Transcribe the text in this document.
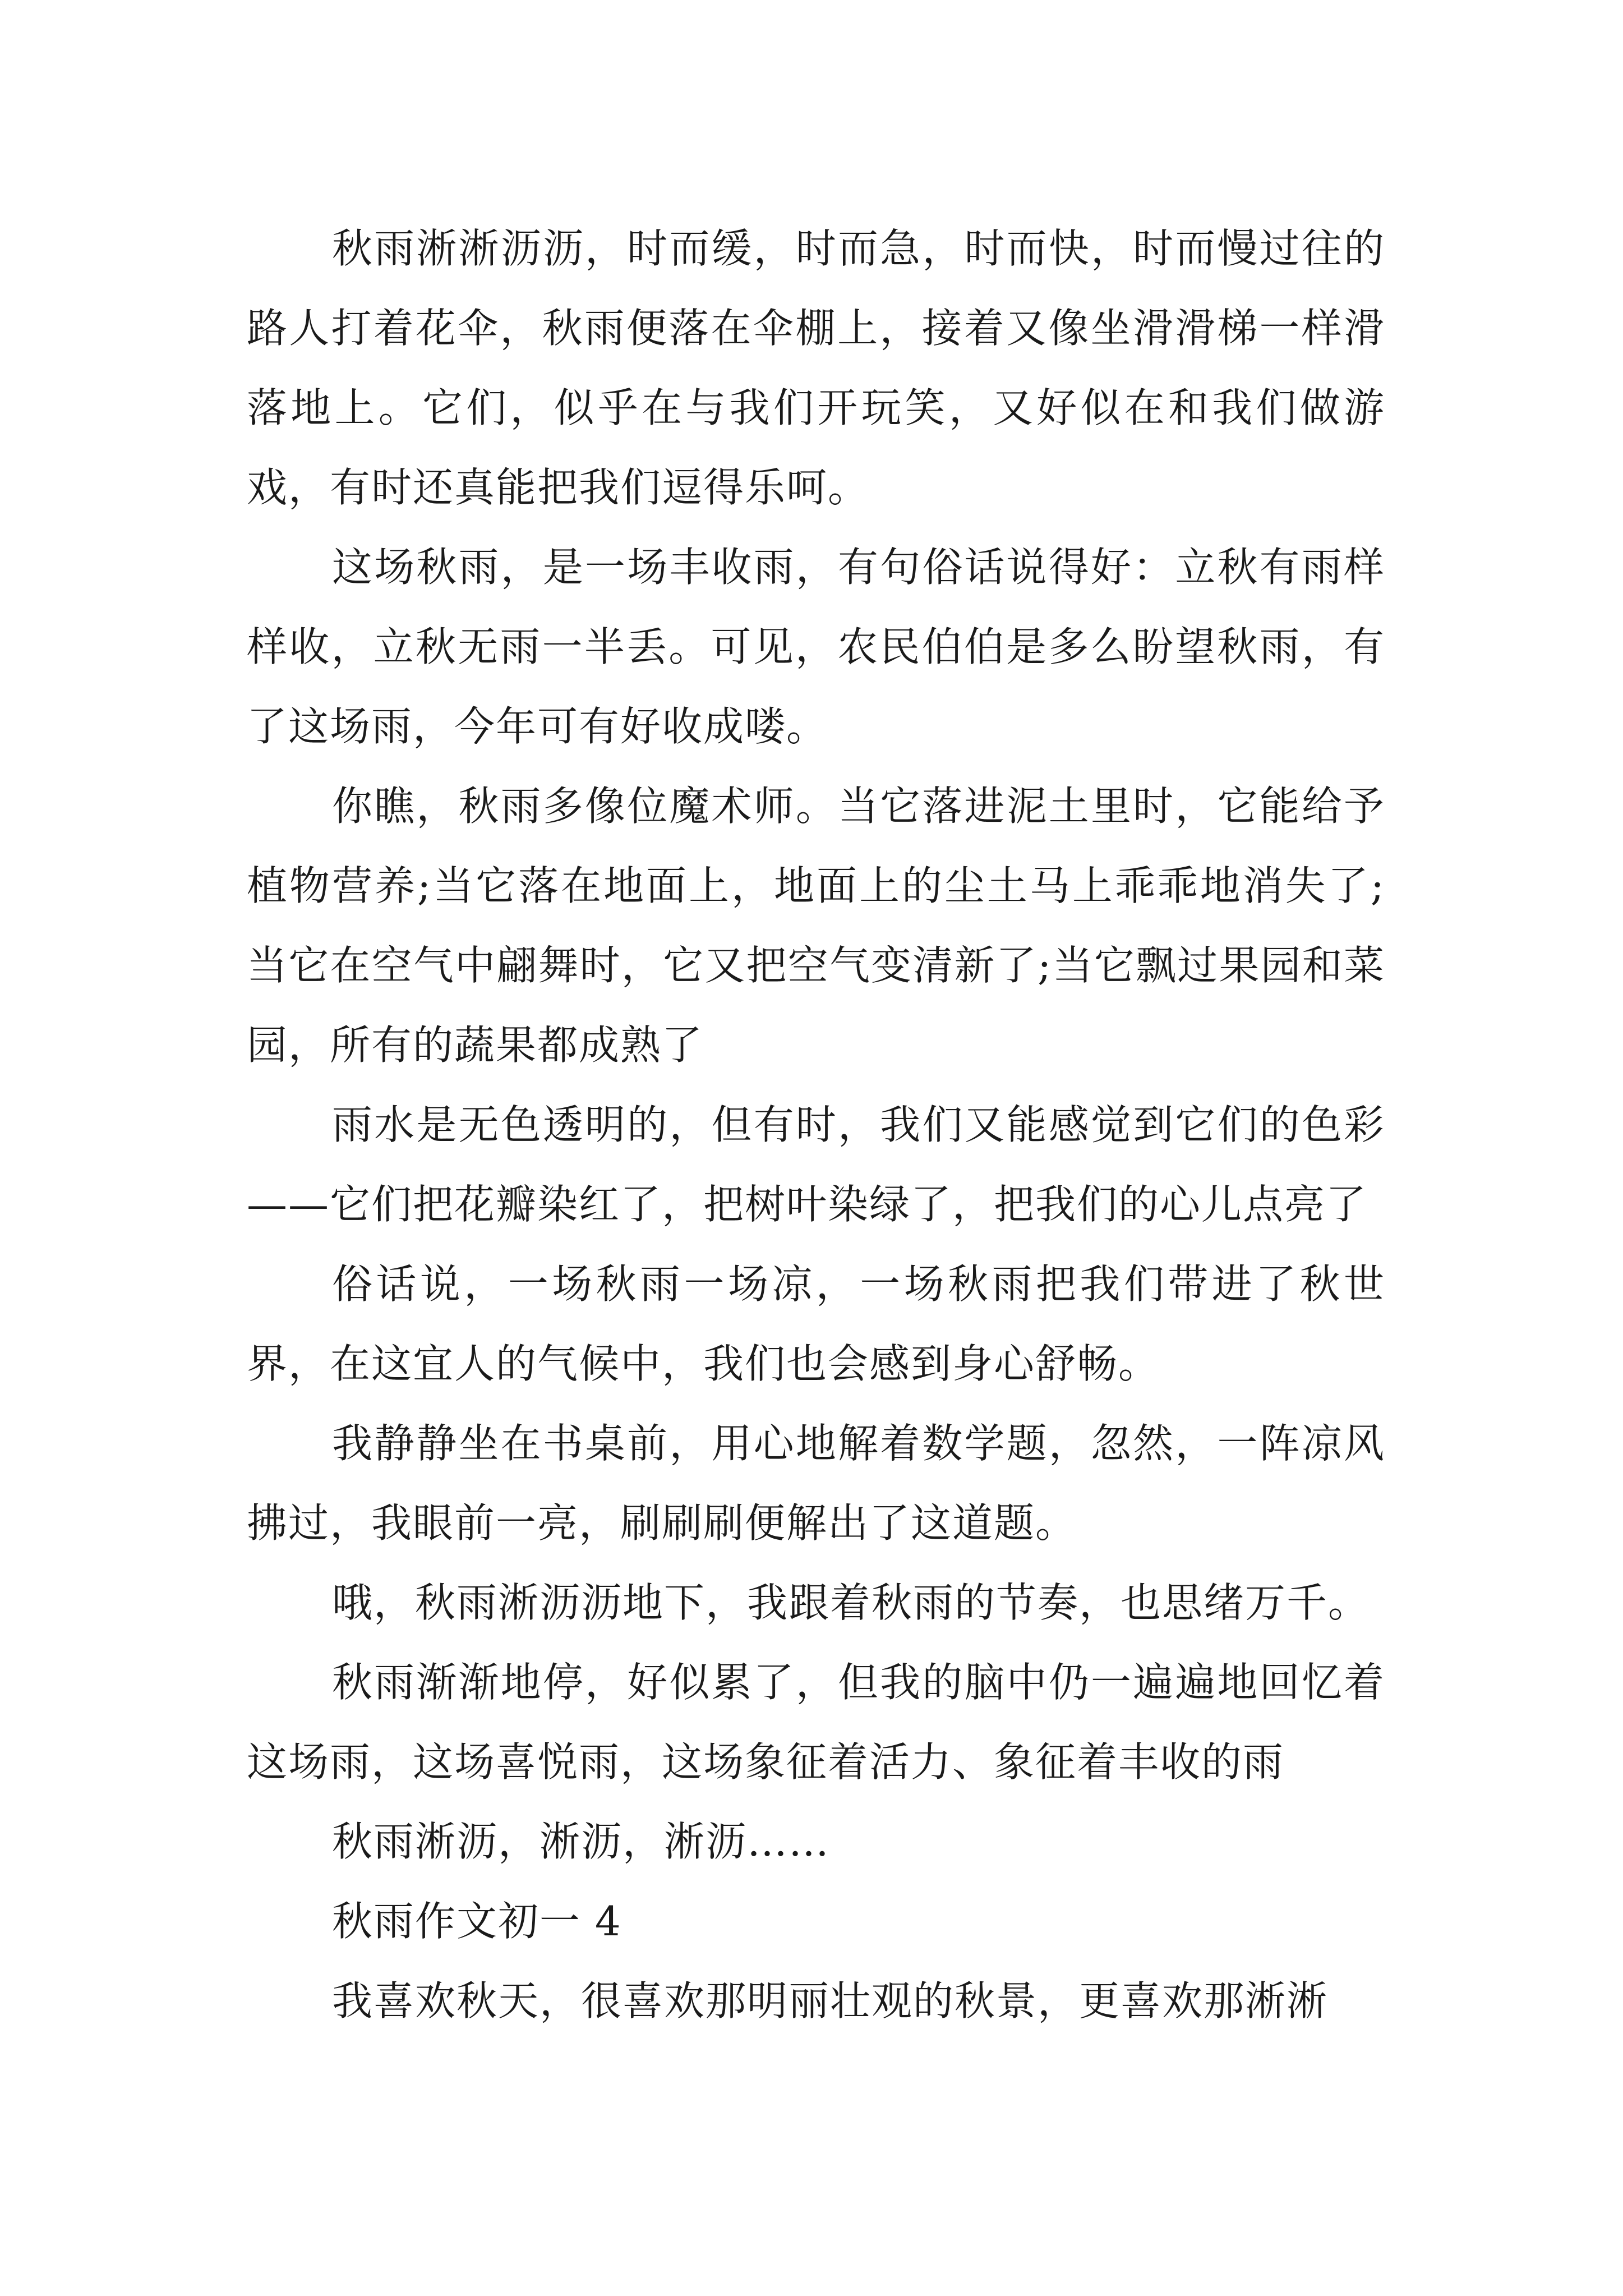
秋雨淅淅沥沥，时而缓，时而急，时而快，时而慢过往的路人打着花伞，秋雨便落在伞棚上，接着又像坐滑滑梯一样滑落地上。它们，似乎在与我们开玩笑，又好似在和我们做游戏，有时还真能把我们逗得乐呵。

这场秋雨，是一场丰收雨，有句俗话说得好：立秋有雨样样收，立秋无雨一半丢。可见，农民伯伯是多么盼望秋雨，有了这场雨，今年可有好收成喽。

你瞧，秋雨多像位魔术师。当它落进泥土里时，它能给予植物营养;当它落在地面上，地面上的尘土马上乖乖地消失了;当它在空气中翩舞时，它又把空气变清新了;当它飘过果园和菜园，所有的蔬果都成熟了

雨水是无色透明的，但有时，我们又能感觉到它们的色彩——它们把花瓣染红了，把树叶染绿了，把我们的心儿点亮了

俗话说，一场秋雨一场凉，一场秋雨把我们带进了秋世界，在这宜人的气候中，我们也会感到身心舒畅。

我静静坐在书桌前，用心地解着数学题，忽然，一阵凉风拂过，我眼前一亮，刷刷刷便解出了这道题。

哦，秋雨淅沥沥地下，我跟着秋雨的节奏，也思绪万千。

秋雨渐渐地停，好似累了，但我的脑中仍一遍遍地回忆着这场雨，这场喜悦雨，这场象征着活力、象征着丰收的雨

秋雨淅沥，淅沥，淅沥……

秋雨作文初一 4

我喜欢秋天，很喜欢那明丽壮观的秋景，更喜欢那淅淅
